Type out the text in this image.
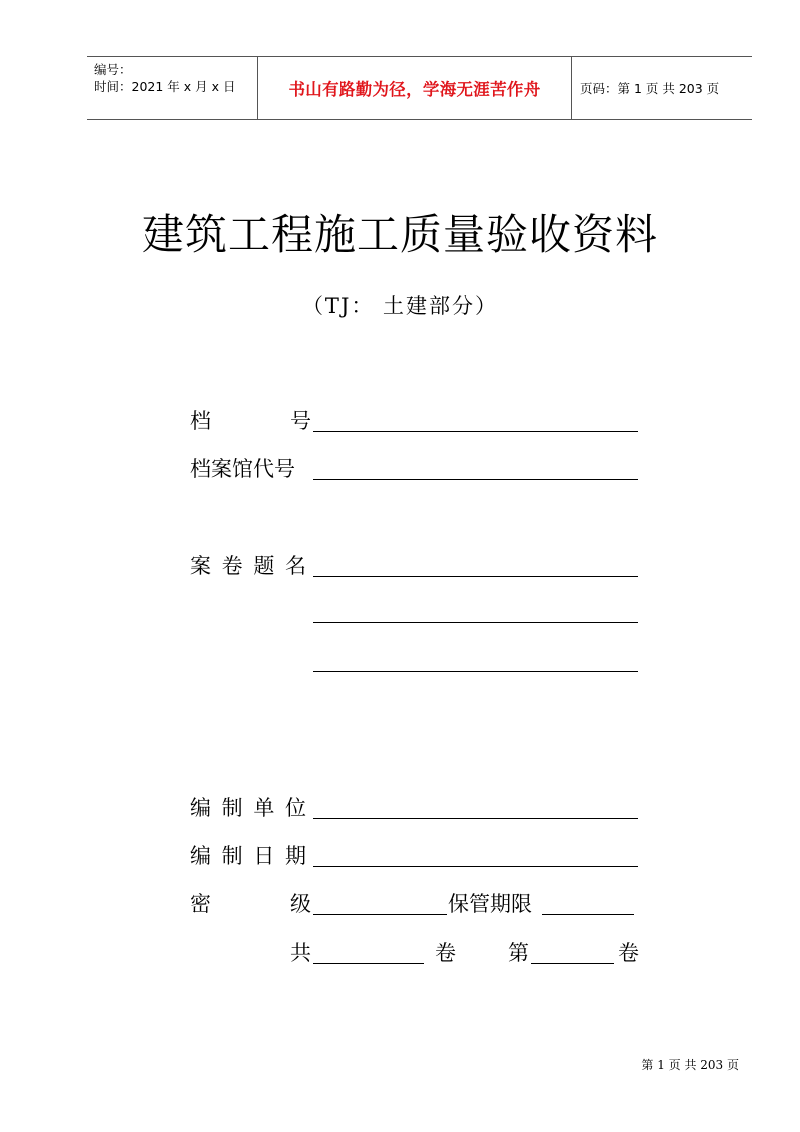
编号：
时间：2021 年 x 月 x 日	书山有路勤为径，学海无涯苦作舟	页码：第 1 页 共 203 页
建筑工程施工质量验收资料
（TJ： 土建部分）
档	号
档案馆代号
案 卷 题 名
编 制 单 位
编 制 日 期
密	级	保管期限
共	卷 第	卷
第 1 页 共 203 页
